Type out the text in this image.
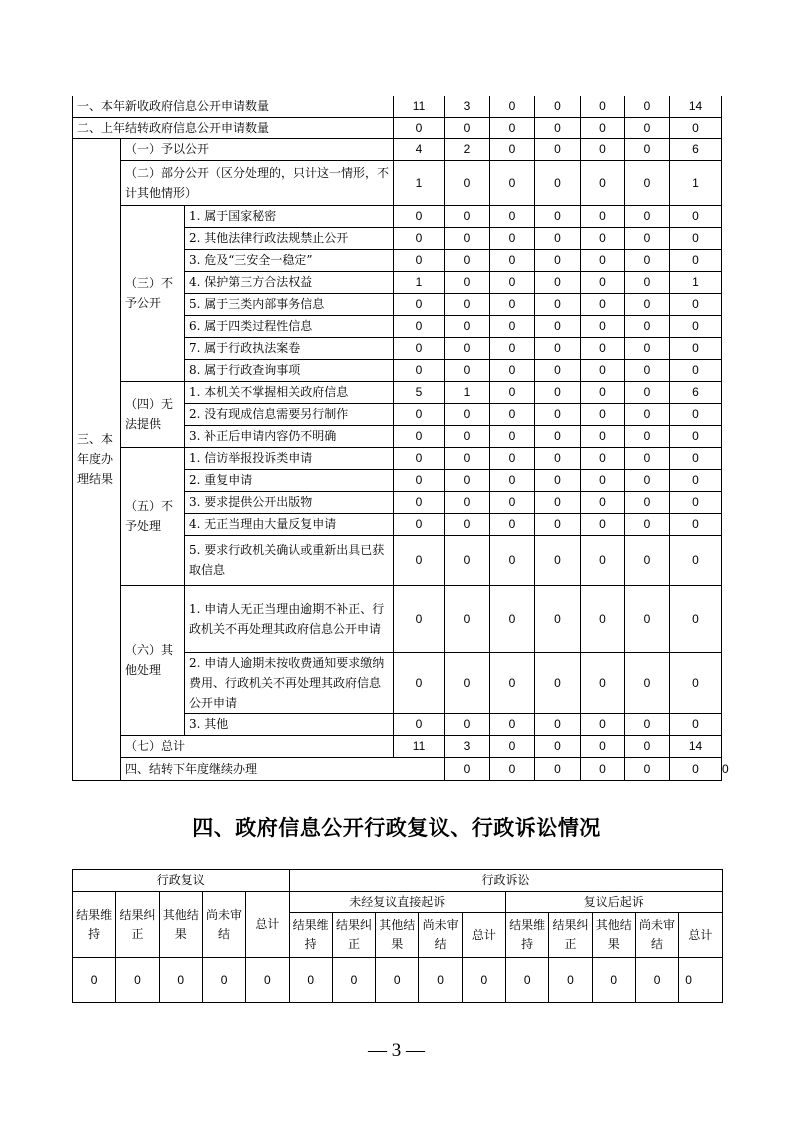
一、本年新收政府信息公开申请数量			11	3	0	0	0	0	14	
二、上年结转政府信息公开申请数量			0	0	0	0	0	0	0	
三、本年度办理结果	（一）予以公开		4	2	0	0	0	0	6	
	（二）部分公开（区分处理的，只计这一情形，不计其他情形）		1	0	0	0	0	0	1	
	（三）不予公开	1. 属于国家秘密	0	0	0	0	0	0	0	
		2. 其他法律行政法规禁止公开	0	0	0	0	0	0	0	
		3. 危及“三安全一稳定”	0	0	0	0	0	0	0	
		4. 保护第三方合法权益	1	0	0	0	0	0	1	
		5. 属于三类内部事务信息	0	0	0	0	0	0	0	
		6. 属于四类过程性信息	0	0	0	0	0	0	0	
		7. 属于行政执法案卷	0	0	0	0	0	0	0	
		8. 属于行政查询事项	0	0	0	0	0	0	0	
	（四）无法提供	1. 本机关不掌握相关政府信息	5	1	0	0	0	0	6	
		2. 没有现成信息需要另行制作	0	0	0	0	0	0	0	
		3. 补正后申请内容仍不明确	0	0	0	0	0	0	0	
	（五）不予处理	1. 信访举报投诉类申请	0	0	0	0	0	0	0	
		2. 重复申请	0	0	0	0	0	0	0	
		3. 要求提供公开出版物	0	0	0	0	0	0	0	
		4. 无正当理由大量反复申请	0	0	0	0	0	0	0	
		5. 要求行政机关确认或重新出具已获取信息	0	0	0	0	0	0	0	
	（六）其他处理	1. 申请人无正当理由逾期不补正、行政机关不再处理其政府信息公开申请	0	0	0	0	0	0	0	
		2. 申请人逾期未按收费通知要求缴纳费用、行政机关不再处理其政府信息公开申请	0	0	0	0	0	0	0	
		3. 其他	0	0	0	0	0	0	0	
	（七）总计		11	3	0	0	0	0	14	
	四、结转下年度继续办理			0	0	0	0	0	0	0
四、政府信息公开行政复议、行政诉讼情况
行政复议					行政诉讼									
结果维持	结果纠正	其他结果	尚未审结	总计	未经复议直接起诉					复议后起诉				
					结果维持	结果纠正	其他结果	尚未审结	总计	结果维持	结果纠正	其他结果	尚未审结	总计
0	0	0	0	0	0	0	0	0	0	0	0	0	0	0
— 3 —
